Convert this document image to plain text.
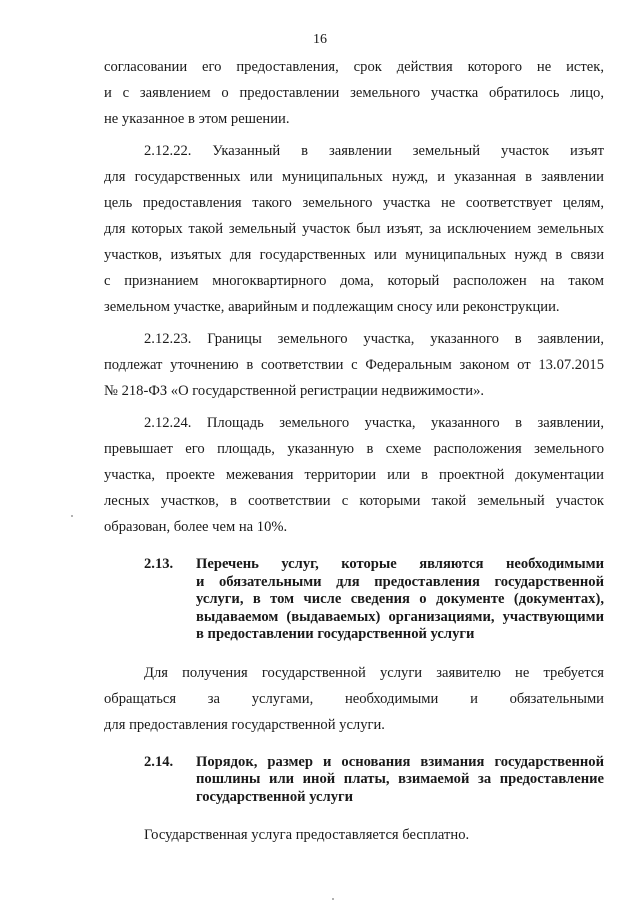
16

согласовании его предоставления, срок действия которого не истек,
и с заявлением о предоставлении земельного участка обратилось лицо,
не указанное в этом решении.

2.12.22. Указанный в заявлении земельный участок изъят
для государственных или муниципальных нужд, и указанная в заявлении
цель предоставления такого земельного участка не соответствует целям,
для которых такой земельный участок был изъят, за исключением земельных
участков, изъятых для государственных или муниципальных нужд в связи
с признанием многоквартирного дома, который расположен на таком
земельном участке, аварийным и подлежащим сносу или реконструкции.

2.12.23. Границы земельного участка, указанного в заявлении,
подлежат уточнению в соответствии с Федеральным законом от 13.07.2015
№ 218-ФЗ «О государственной регистрации недвижимости».

2.12.24. Площадь земельного участка, указанного в заявлении,
превышает его площадь, указанную в схеме расположения земельного
участка, проекте межевания территории или в проектной документации
лесных участков, в соответствии с которыми такой земельный участок
образован, более чем на 10%.

2.13.	Перечень услуг, которые являются необходимыми
и обязательными для предоставления государственной
услуги, в том числе сведения о документе (документах),
выдаваемом (выдаваемых) организациями, участвующими
в предоставлении государственной услуги

Для получения государственной услуги заявителю не требуется
обращаться за услугами, необходимыми и обязательными
для предоставления государственной услуги.

2.14.	Порядок, размер и основания взимания государственной
пошлины или иной платы, взимаемой за предоставление
государственной услуги

Государственная услуга предоставляется бесплатно.
